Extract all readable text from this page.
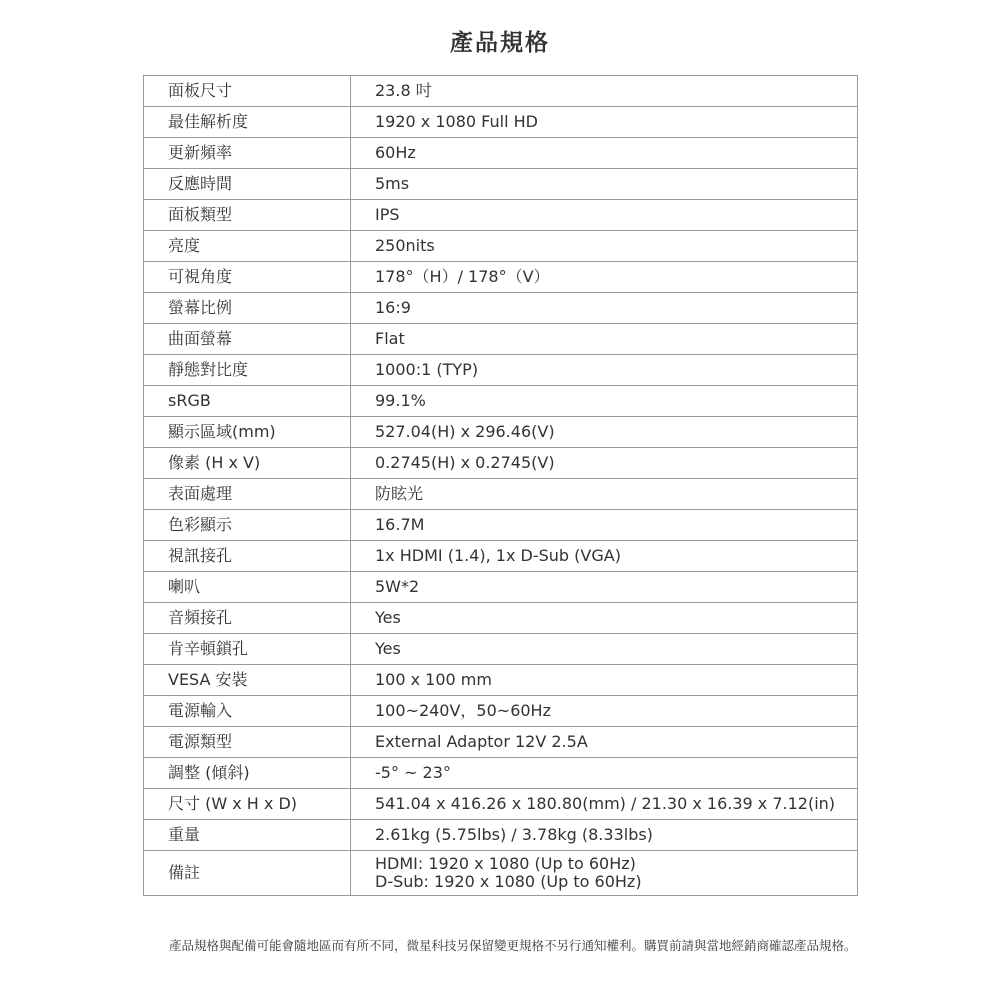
產品規格
面板尺寸	23.8 吋
最佳解析度	1920 x 1080 Full HD
更新頻率	60Hz
反應時間	5ms
面板類型	IPS
亮度	250nits
可視角度	178°（H）/ 178°（V）
螢幕比例	16:9
曲面螢幕	Flat
靜態對比度	1000:1 (TYP)
sRGB	99.1%
顯示區域(mm)	527.04(H) x 296.46(V)
像素 (H x V)	0.2745(H) x 0.2745(V)
表面處理	防眩光
色彩顯示	16.7M
視訊接孔	1x HDMI (1.4), 1x D-Sub (VGA)
喇叭	5W*2
音頻接孔	Yes
肯辛頓鎖孔	Yes
VESA 安裝	100 x 100 mm
電源輸入	100~240V，50~60Hz
電源類型	External Adaptor 12V 2.5A
調整 (傾斜)	-5° ~ 23°
尺寸 (W x H x D)	541.04 x 416.26 x 180.80(mm) / 21.30 x 16.39 x 7.12(in)
重量	2.61kg (5.75lbs) / 3.78kg (8.33lbs)
備註	HDMI: 1920 x 1080 (Up to 60Hz)
D-Sub: 1920 x 1080 (Up to 60Hz)
產品規格與配備可能會隨地區而有所不同，微星科技另保留變更規格不另行通知權利。購買前請與當地經銷商確認產品規格。
